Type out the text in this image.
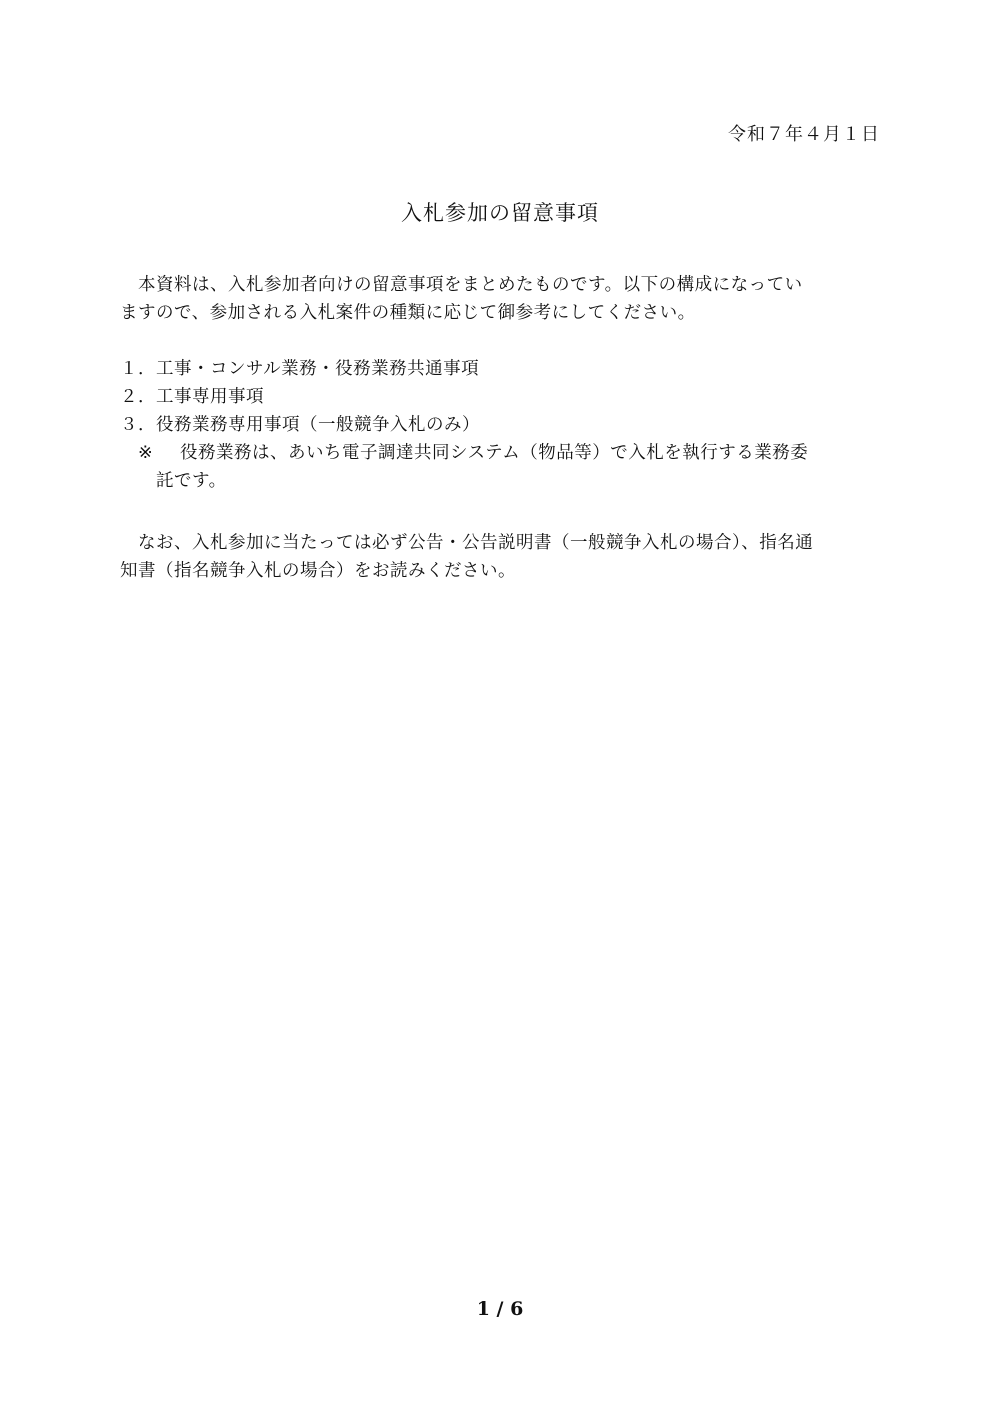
令和７年４月１日
入札参加の留意事項
本資料は、入札参加者向けの留意事項をまとめたものです。以下の構成になってい
ますので、参加される入札案件の種類に応じて御参考にしてください。
１．工事・コンサル業務・役務業務共通事項
２．工事専用事項
３．役務業務専用事項（一般競争入札のみ）
※ 役務業務は、あいち電子調達共同システム（物品等）で入札を執行する業務委
託です。
なお、入札参加に当たっては必ず公告・公告説明書（一般競争入札の場合）、指名通
知書（指名競争入札の場合）をお読みください。
1 / 6
